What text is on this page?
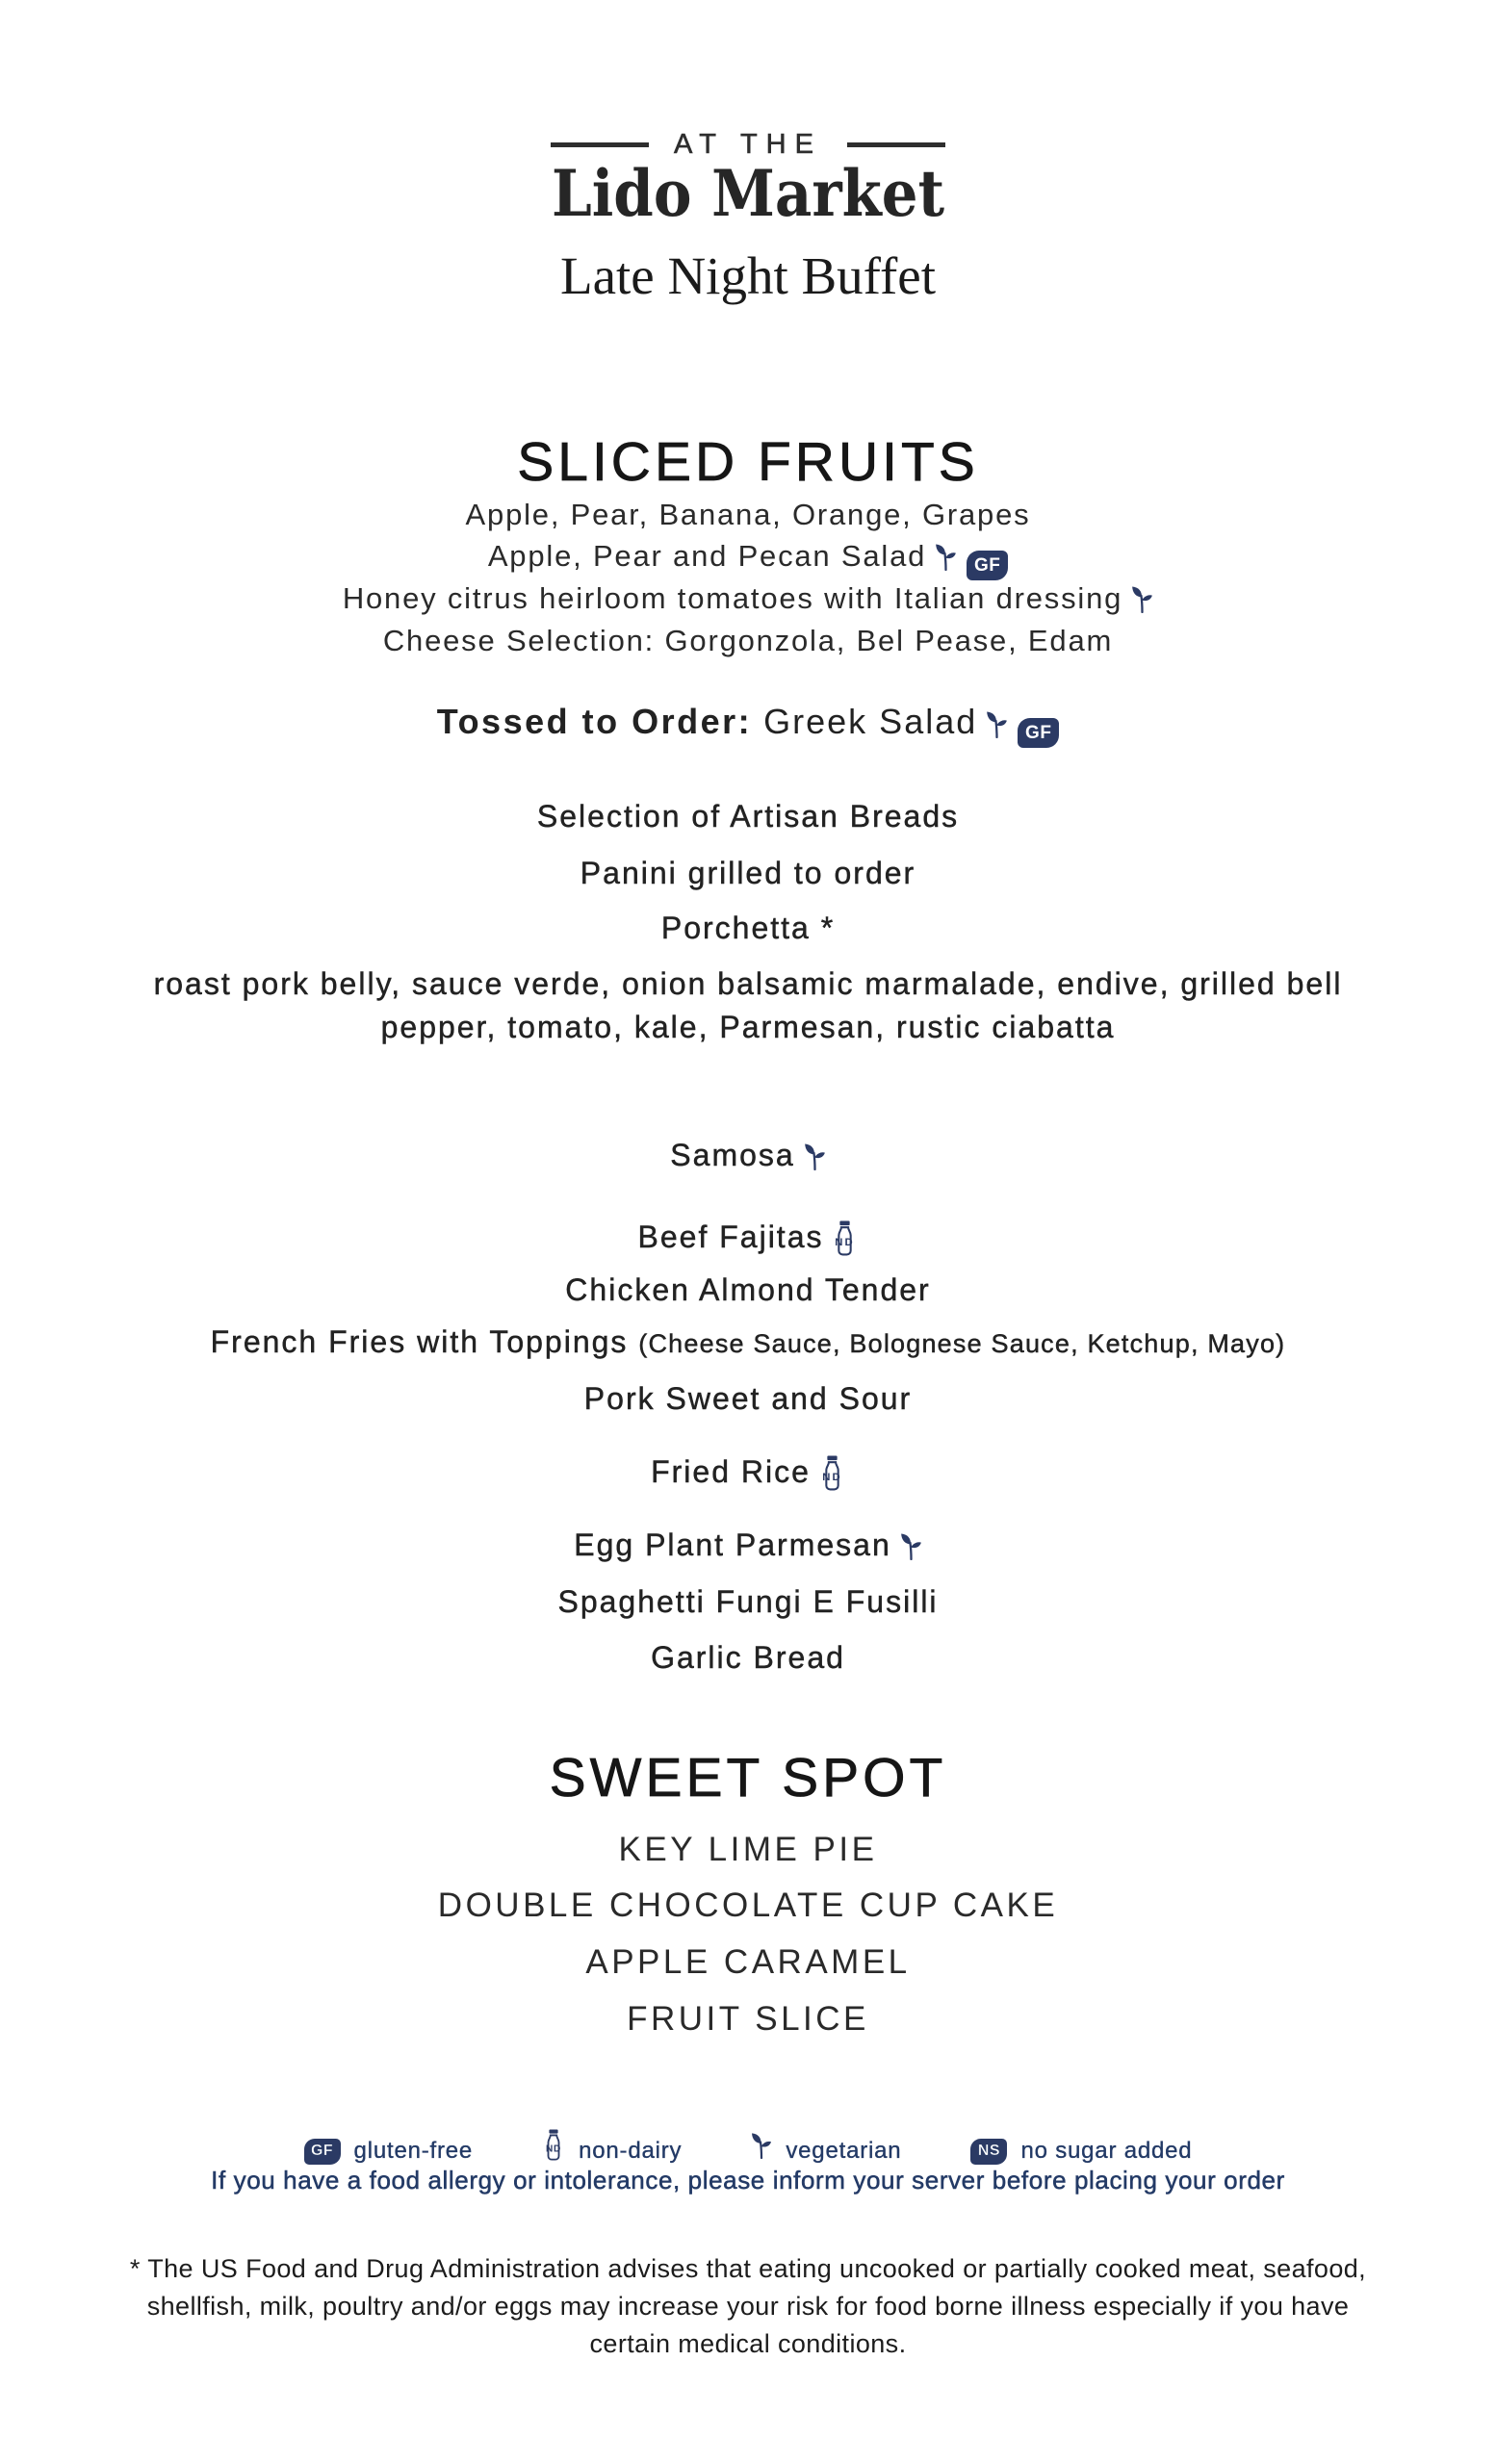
AT THE
Lido Market
Late Night Buffet
SLICED FRUITS
Apple, Pear, Banana, Orange, Grapes
Apple, Pear and Pecan Salad	GF
Honey citrus heirloom tomatoes with Italian dressing
Cheese Selection: Gorgonzola, Bel Pease, Edam
Tossed to Order: Greek Salad	GF
Selection of Artisan Breads
Panini grilled to order
Porchetta *
roast pork belly, sauce verde, onion balsamic marmalade, endive, grilled bell pepper, tomato, kale, Parmesan, rustic ciabatta
Samosa
Beef Fajitas
Chicken Almond Tender
French Fries with Toppings (Cheese Sauce, Bolognese Sauce, Ketchup, Mayo)
Pork Sweet and Sour
Fried Rice
Egg Plant Parmesan
Spaghetti Fungi E Fusilli
Garlic Bread
SWEET SPOT
KEY LIME PIE
DOUBLE CHOCOLATE CUP CAKE
APPLE CARAMEL
FRUIT SLICE
GF gluten-free	non-dairy	vegetarian	NS no sugar added
If you have a food allergy or intolerance, please inform your server before placing your order
* The US Food and Drug Administration advises that eating uncooked or partially cooked meat, seafood,
shellfish, milk, poultry and/or eggs may increase your risk for food borne illness especially if you have
certain medical conditions.
